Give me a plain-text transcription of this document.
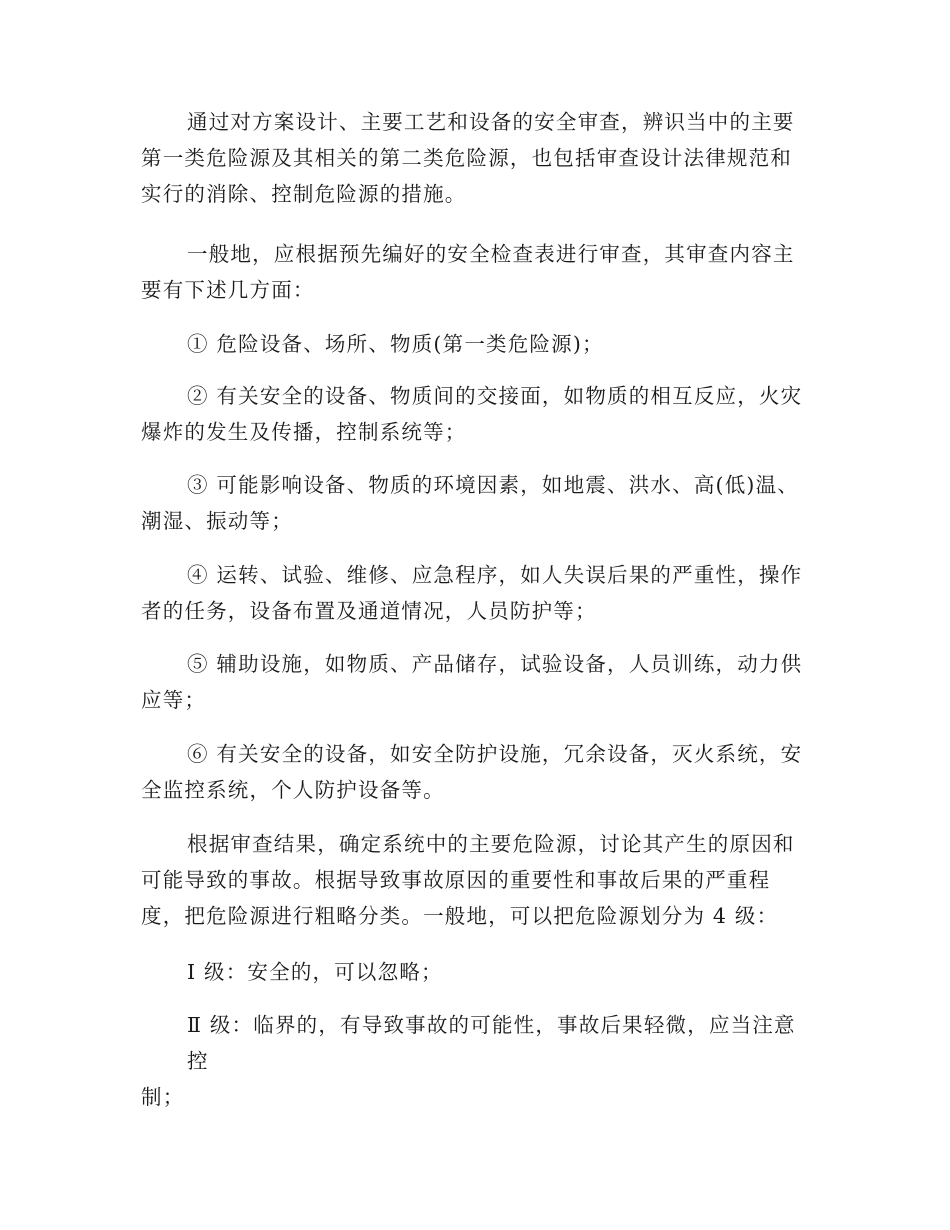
通过对方案设计、主要工艺和设备的安全审查，辨识当中的主要
第一类危险源及其相关的第二类危险源，也包括审查设计法律规范和
实行的消除、控制危险源的措施。

一般地，应根据预先编好的安全检查表进行审查，其审查内容主
要有下述几方面：

① 危险设备、场所、物质(第一类危险源)；

② 有关安全的设备、物质间的交接面，如物质的相互反应，火灾
爆炸的发生及传播，控制系统等；

③ 可能影响设备、物质的环境因素，如地震、洪水、高(低)温、
潮湿、振动等；

④ 运转、试验、维修、应急程序，如人失误后果的严重性，操作
者的任务，设备布置及通道情况，人员防护等；

⑤ 辅助设施，如物质、产品储存，试验设备，人员训练，动力供
应等；

⑥ 有关安全的设备，如安全防护设施，冗余设备，灭火系统，安
全监控系统，个人防护设备等。

根据审查结果，确定系统中的主要危险源，讨论其产生的原因和
可能导致的事故。根据导致事故原因的重要性和事故后果的严重程
度，把危险源进行粗略分类。一般地，可以把危险源划分为 4 级：

Ⅰ 级：安全的，可以忽略；

Ⅱ 级：临界的，有导致事故的可能性，事故后果轻微，应当注意控
制；
